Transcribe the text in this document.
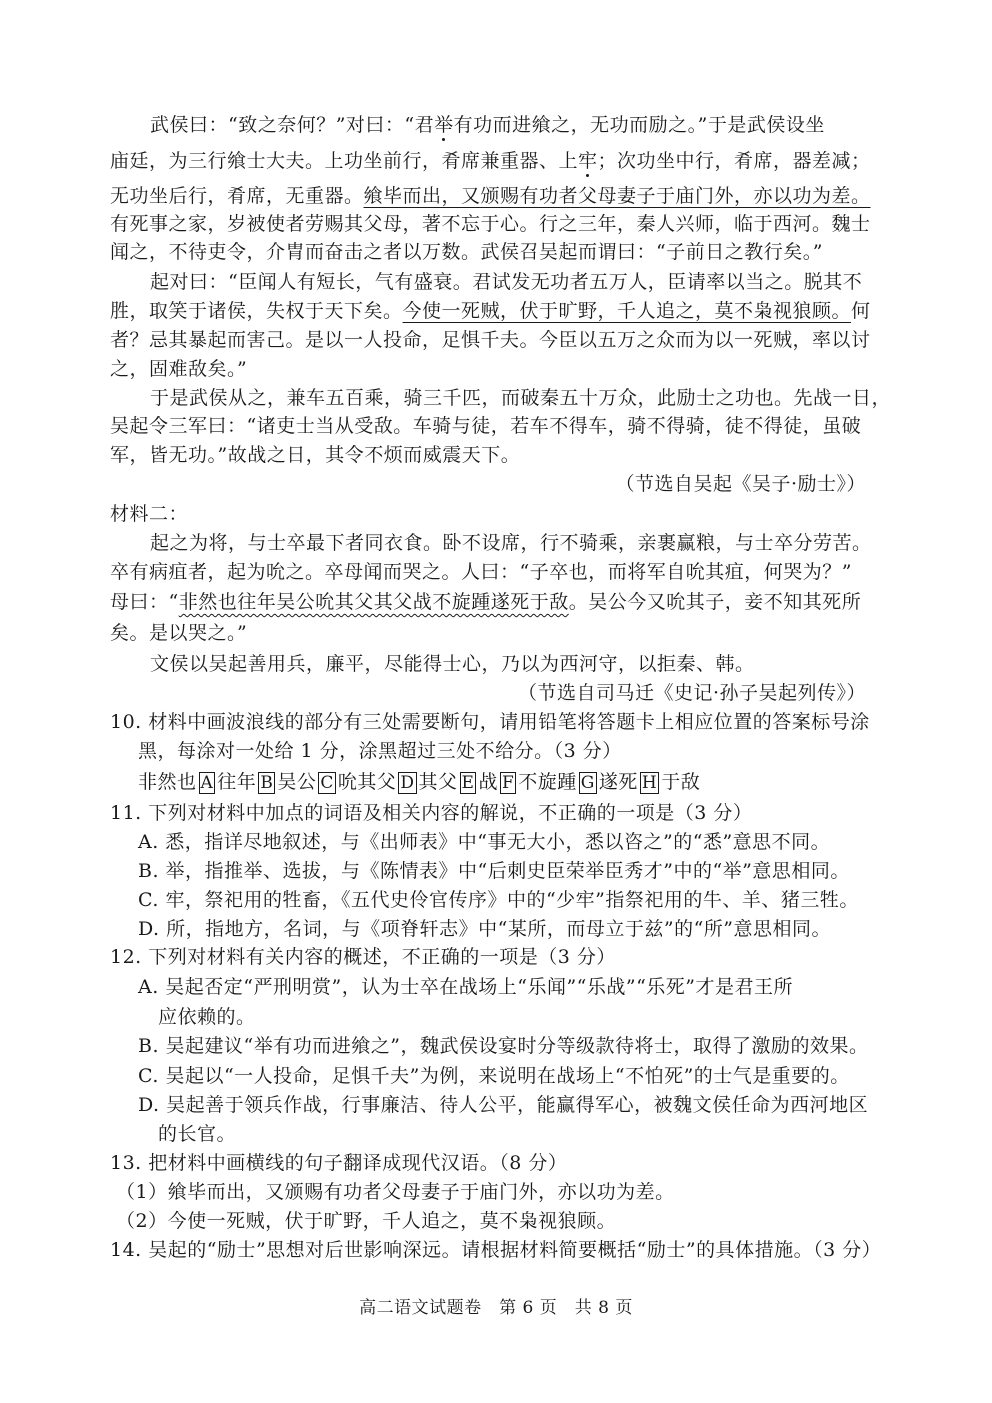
武侯曰：“致之奈何？”对曰：“君举有功而进飨之，无功而励之。”于是武侯设坐
庙廷，为三行飨士大夫。上功坐前行，肴席兼重器、上牢；次功坐中行，肴席，器差减；
无功坐后行，肴席，无重器。飨毕而出，又颁赐有功者父母妻子于庙门外，亦以功为差。
有死事之家，岁被使者劳赐其父母，著不忘于心。行之三年，秦人兴师，临于西河。魏士
闻之，不待吏令，介胄而奋击之者以万数。武侯召吴起而谓曰：“子前日之教行矣。”
起对曰：“臣闻人有短长，气有盛衰。君试发无功者五万人，臣请率以当之。脱其不
胜，取笑于诸侯，失权于天下矣。今使一死贼，伏于旷野，千人追之，莫不枭视狼顾。何
者？忌其暴起而害己。是以一人投命，足惧千夫。今臣以五万之众而为以一死贼，率以讨
之，固难敌矣。”
于是武侯从之，兼车五百乘，骑三千匹，而破秦五十万众，此励士之功也。先战一日，
吴起令三军曰：“诸吏士当从受敌。车骑与徒，若车不得车，骑不得骑，徒不得徒，虽破
军，皆无功。”故战之日，其令不烦而威震天下。
（节选自吴起《吴子·励士》）
材料二：
起之为将，与士卒最下者同衣食。卧不设席，行不骑乘，亲裹赢粮，与士卒分劳苦。
卒有病疽者，起为吮之。卒母闻而哭之。人曰：“子卒也，而将军自吮其疽，何哭为？”
母曰：“非然也往年吴公吮其父其父战不旋踵遂死于敌。吴公今又吮其子，妾不知其死所
矣。是以哭之。”
文侯以吴起善用兵，廉平，尽能得士心，乃以为西河守，以拒秦、韩。
（节选自司马迁《史记·孙子吴起列传》）
10. 材料中画波浪线的部分有三处需要断句，请用铅笔将答题卡上相应位置的答案标号涂
黑，每涂对一处给 1 分，涂黑超过三处不给分。（3 分）
非然也 A 往年 B 吴公 C 吮其父 D 其父 E 战 F 不旋踵 G 遂死 H 于敌
11. 下列对材料中加点的词语及相关内容的解说，不正确的一项是（3 分）
A. 悉，指详尽地叙述，与《出师表》中“事无大小，悉以咨之”的“悉”意思不同。
B. 举，指推举、选拔，与《陈情表》中“后刺史臣荣举臣秀才”中的“举”意思相同。
C. 牢，祭祀用的牲畜，《五代史伶官传序》中的“少牢”指祭祀用的牛、羊、猪三牲。
D. 所，指地方，名词，与《项脊轩志》中“某所，而母立于兹”的“所”意思相同。
12. 下列对材料有关内容的概述，不正确的一项是（3 分）
A. 吴起否定“严刑明赏”，认为士卒在战场上“乐闻”“乐战”“乐死”才是君王所
应依赖的。
B. 吴起建议“举有功而进飨之”，魏武侯设宴时分等级款待将士，取得了激励的效果。
C. 吴起以“一人投命，足惧千夫”为例，来说明在战场上“不怕死”的士气是重要的。
D. 吴起善于领兵作战，行事廉洁、待人公平，能赢得军心，被魏文侯任命为西河地区
的长官。
13. 把材料中画横线的句子翻译成现代汉语。（8 分）
（1）飨毕而出，又颁赐有功者父母妻子于庙门外，亦以功为差。
（2）今使一死贼，伏于旷野，千人追之，莫不枭视狼顾。
14. 吴起的“励士”思想对后世影响深远。请根据材料简要概括“励士”的具体措施。（3 分）
高二语文试题卷　第 6 页　共 8 页
